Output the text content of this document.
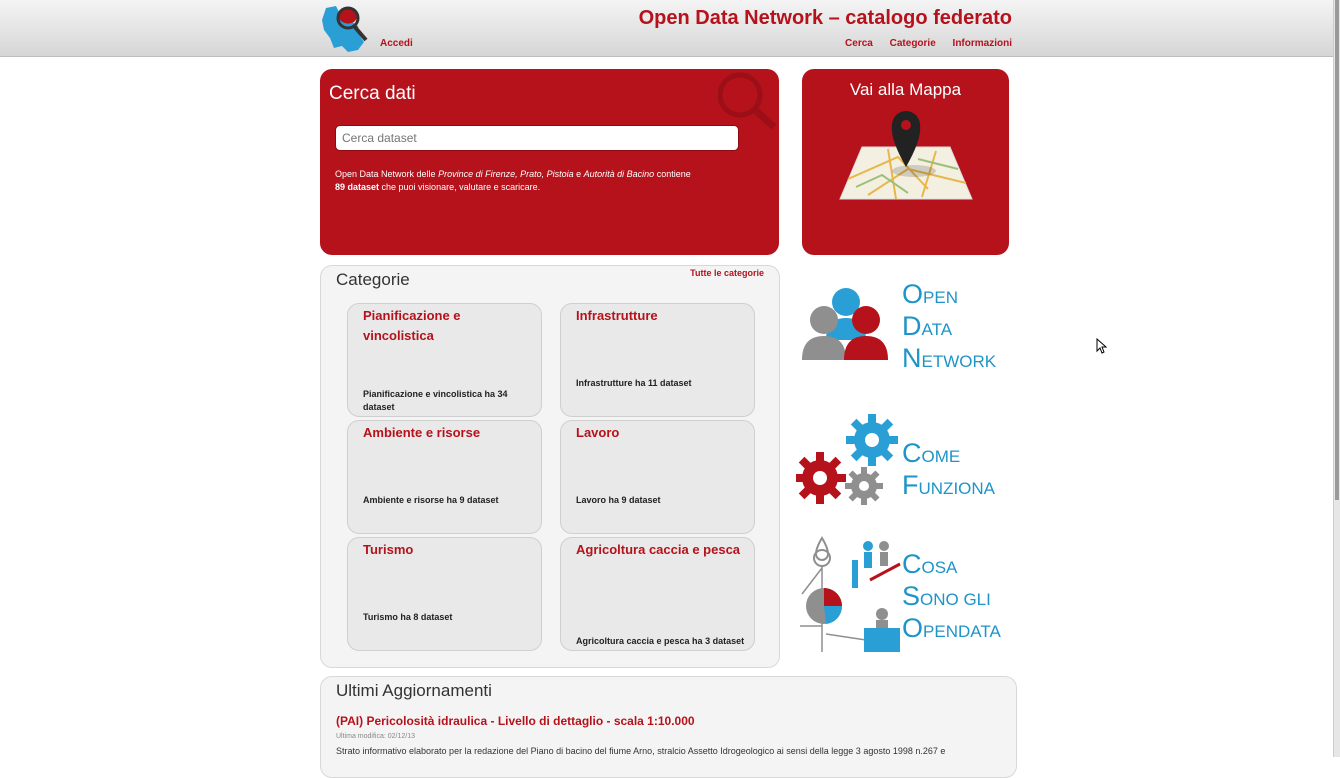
Accedi
Open Data Network – catalogo federato
Cerca Categorie Informazioni
Cerca dati
Cerca dataset
Open Data Network delle Province di Firenze, Prato, Pistoia e Autorità di Bacino contiene
89 dataset che puoi visionare, valutare e scaricare.
Vai alla Mappa
Categorie	Tutte le categorie
Pianificazione e vincolistica
Pianificazione e vincolistica ha 34 dataset
Infrastrutture
Infrastrutture ha 11 dataset
Ambiente e risorse
Ambiente e risorse ha 9 dataset
Lavoro
Lavoro ha 9 dataset
Turismo
Turismo ha 8 dataset
Agricoltura caccia e pesca
Agricoltura caccia e pesca ha 3 dataset
OPEN
DATA
NETWORK
COME
FUNZIONA
COSA
SONO GLI
OPENDATA
Ultimi Aggiornamenti
(PAI) Pericolosità idraulica - Livello di dettaglio - scala 1:10.000
Ultima modifica: 02/12/13
Strato informativo elaborato per la redazione del Piano di bacino del fiume Arno, stralcio Assetto Idrogeologico ai sensi della legge 3 agosto 1998 n.267 e
